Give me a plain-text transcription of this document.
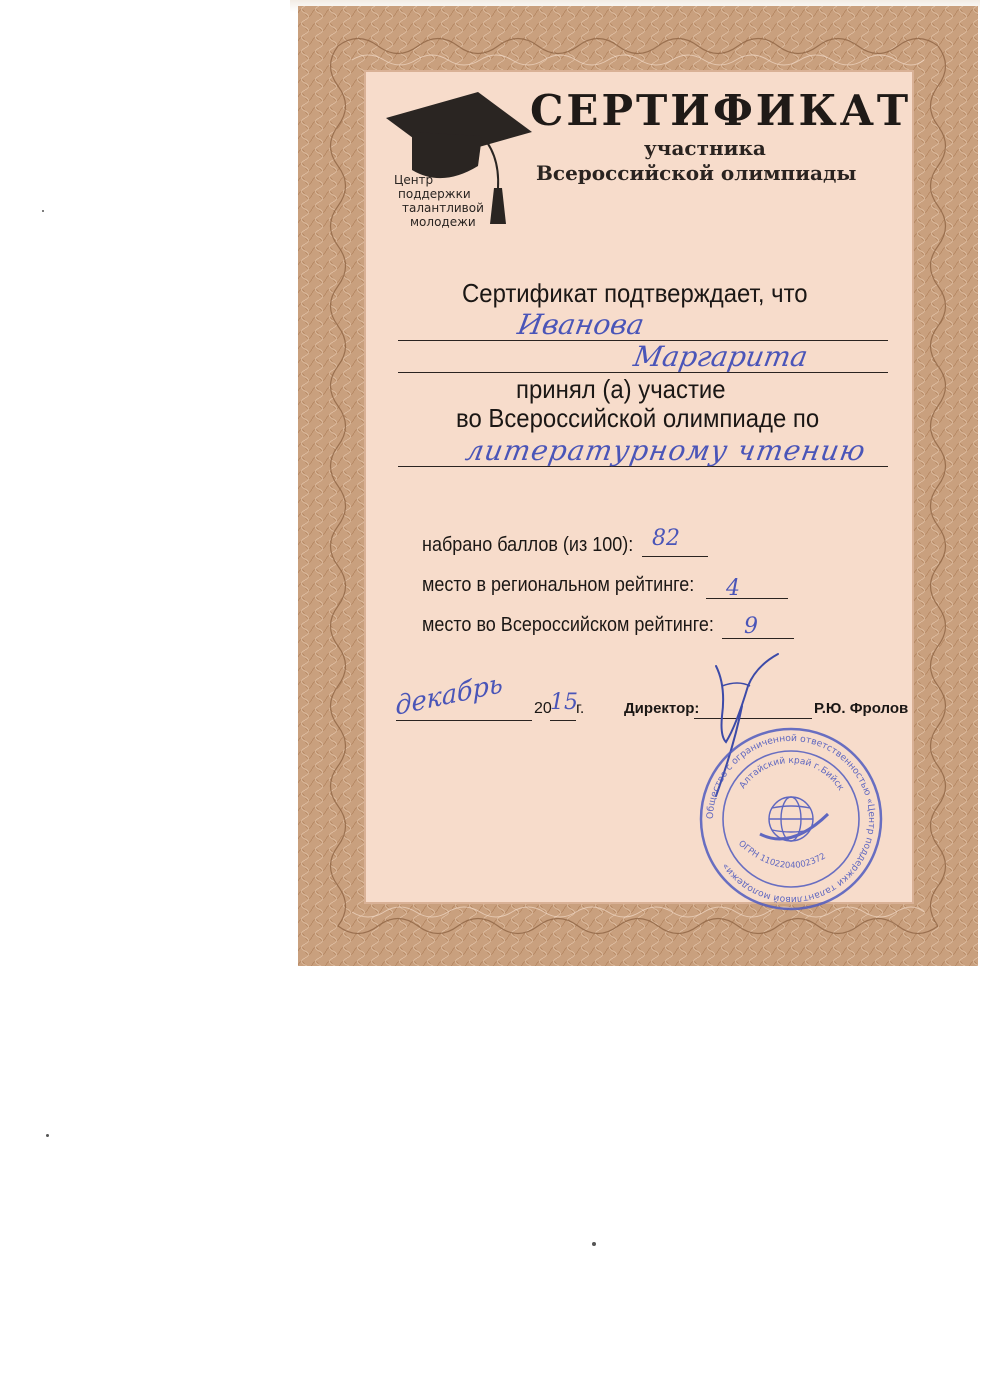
Центр
поддержки
талантливой
молодежи
СЕРТИФИКАТ
участника
Всероссийской олимпиады
Сертификат подтверждает, что
Иванова
Маргарита
принял (а) участие
во Всероссийской олимпиаде по
литературному чтению
набрано баллов (из 100): 82
место в региональном рейтинге: 4
место во Всероссийском рейтинге: 9
декабрь 20
15
г.	Директор:	Р.Ю. Фролов
Общество с ограниченной ответственностью «Центр поддержки талантливой молодежи»
Алтайский край г.Бийск
ОГРН 1102204002372
